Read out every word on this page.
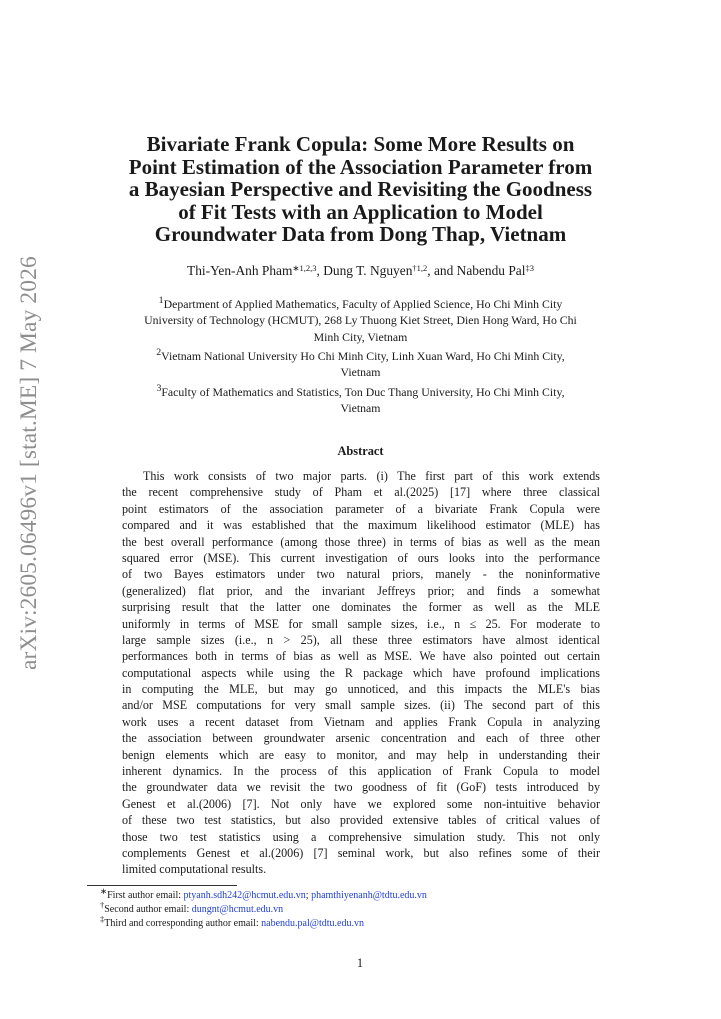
arXiv:2605.06496v1 [stat.ME] 7 May 2026
Bivariate Frank Copula: Some More Results on
Point Estimation of the Association Parameter from
a Bayesian Perspective and Revisiting the Goodness
of Fit Tests with an Application to Model
Groundwater Data from Dong Thap, Vietnam
Thi-Yen-Anh Pham$^{∗1,2,3}$, Dung T. Nguyen$^{\dagger 1,2}$, and Nabendu Pal$^{\ddagger 3}$
$^1$Department of Applied Mathematics, Faculty of Applied Science, Ho Chi Minh City
University of Technology (HCMUT), 268 Ly Thuong Kiet Street, Dien Hong Ward, Ho Chi
Minh City, Vietnam
$^2$Vietnam National University Ho Chi Minh City, Linh Xuan Ward, Ho Chi Minh City,
Vietnam
$^3$Faculty of Mathematics and Statistics, Ton Duc Thang University, Ho Chi Minh City,
Vietnam
Abstract
This work consists of two major parts. (i) The first part of this work extends
the recent comprehensive study of Pham et al.(2025) [17] where three classical
point estimators of the association parameter of a bivariate Frank Copula were
compared and it was established that the maximum likelihood estimator (MLE) has
the best overall performance (among those three) in terms of bias as well as the mean
squared error (MSE). This current investigation of ours looks into the performance
of two Bayes estimators under two natural priors, manely - the noninformative
(generalized) flat prior, and the invariant Jeffreys prior; and finds a somewhat
surprising result that the latter one dominates the former as well as the MLE
uniformly in terms of MSE for small sample sizes, i.e., n ≤ 25. For moderate to
large sample sizes (i.e., n > 25), all these three estimators have almost identical
performances both in terms of bias as well as MSE. We have also pointed out certain
computational aspects while using the R package which have profound implications
in computing the MLE, but may go unnoticed, and this impacts the MLE's bias
and/or MSE computations for very small sample sizes. (ii) The second part of this
work uses a recent dataset from Vietnam and applies Frank Copula in analyzing
the association between groundwater arsenic concentration and each of three other
benign elements which are easy to monitor, and may help in understanding their
inherent dynamics. In the process of this application of Frank Copula to model
the groundwater data we revisit the two goodness of fit (GoF) tests introduced by
Genest et al.(2006) [7]. Not only have we explored some non-intuitive behavior
of these two test statistics, but also provided extensive tables of critical values of
those two test statistics using a comprehensive simulation study. This not only
complements Genest et al.(2006) [7] seminal work, but also refines some of their
limited computational results.
∗First author email: ptyanh.sdh242@hcmut.edu.vn; phamthiyenanh@tdtu.edu.vn
†Second author email: dungnt@hcmut.edu.vn
‡Third and corresponding author email: nabendu.pal@tdtu.edu.vn
1
